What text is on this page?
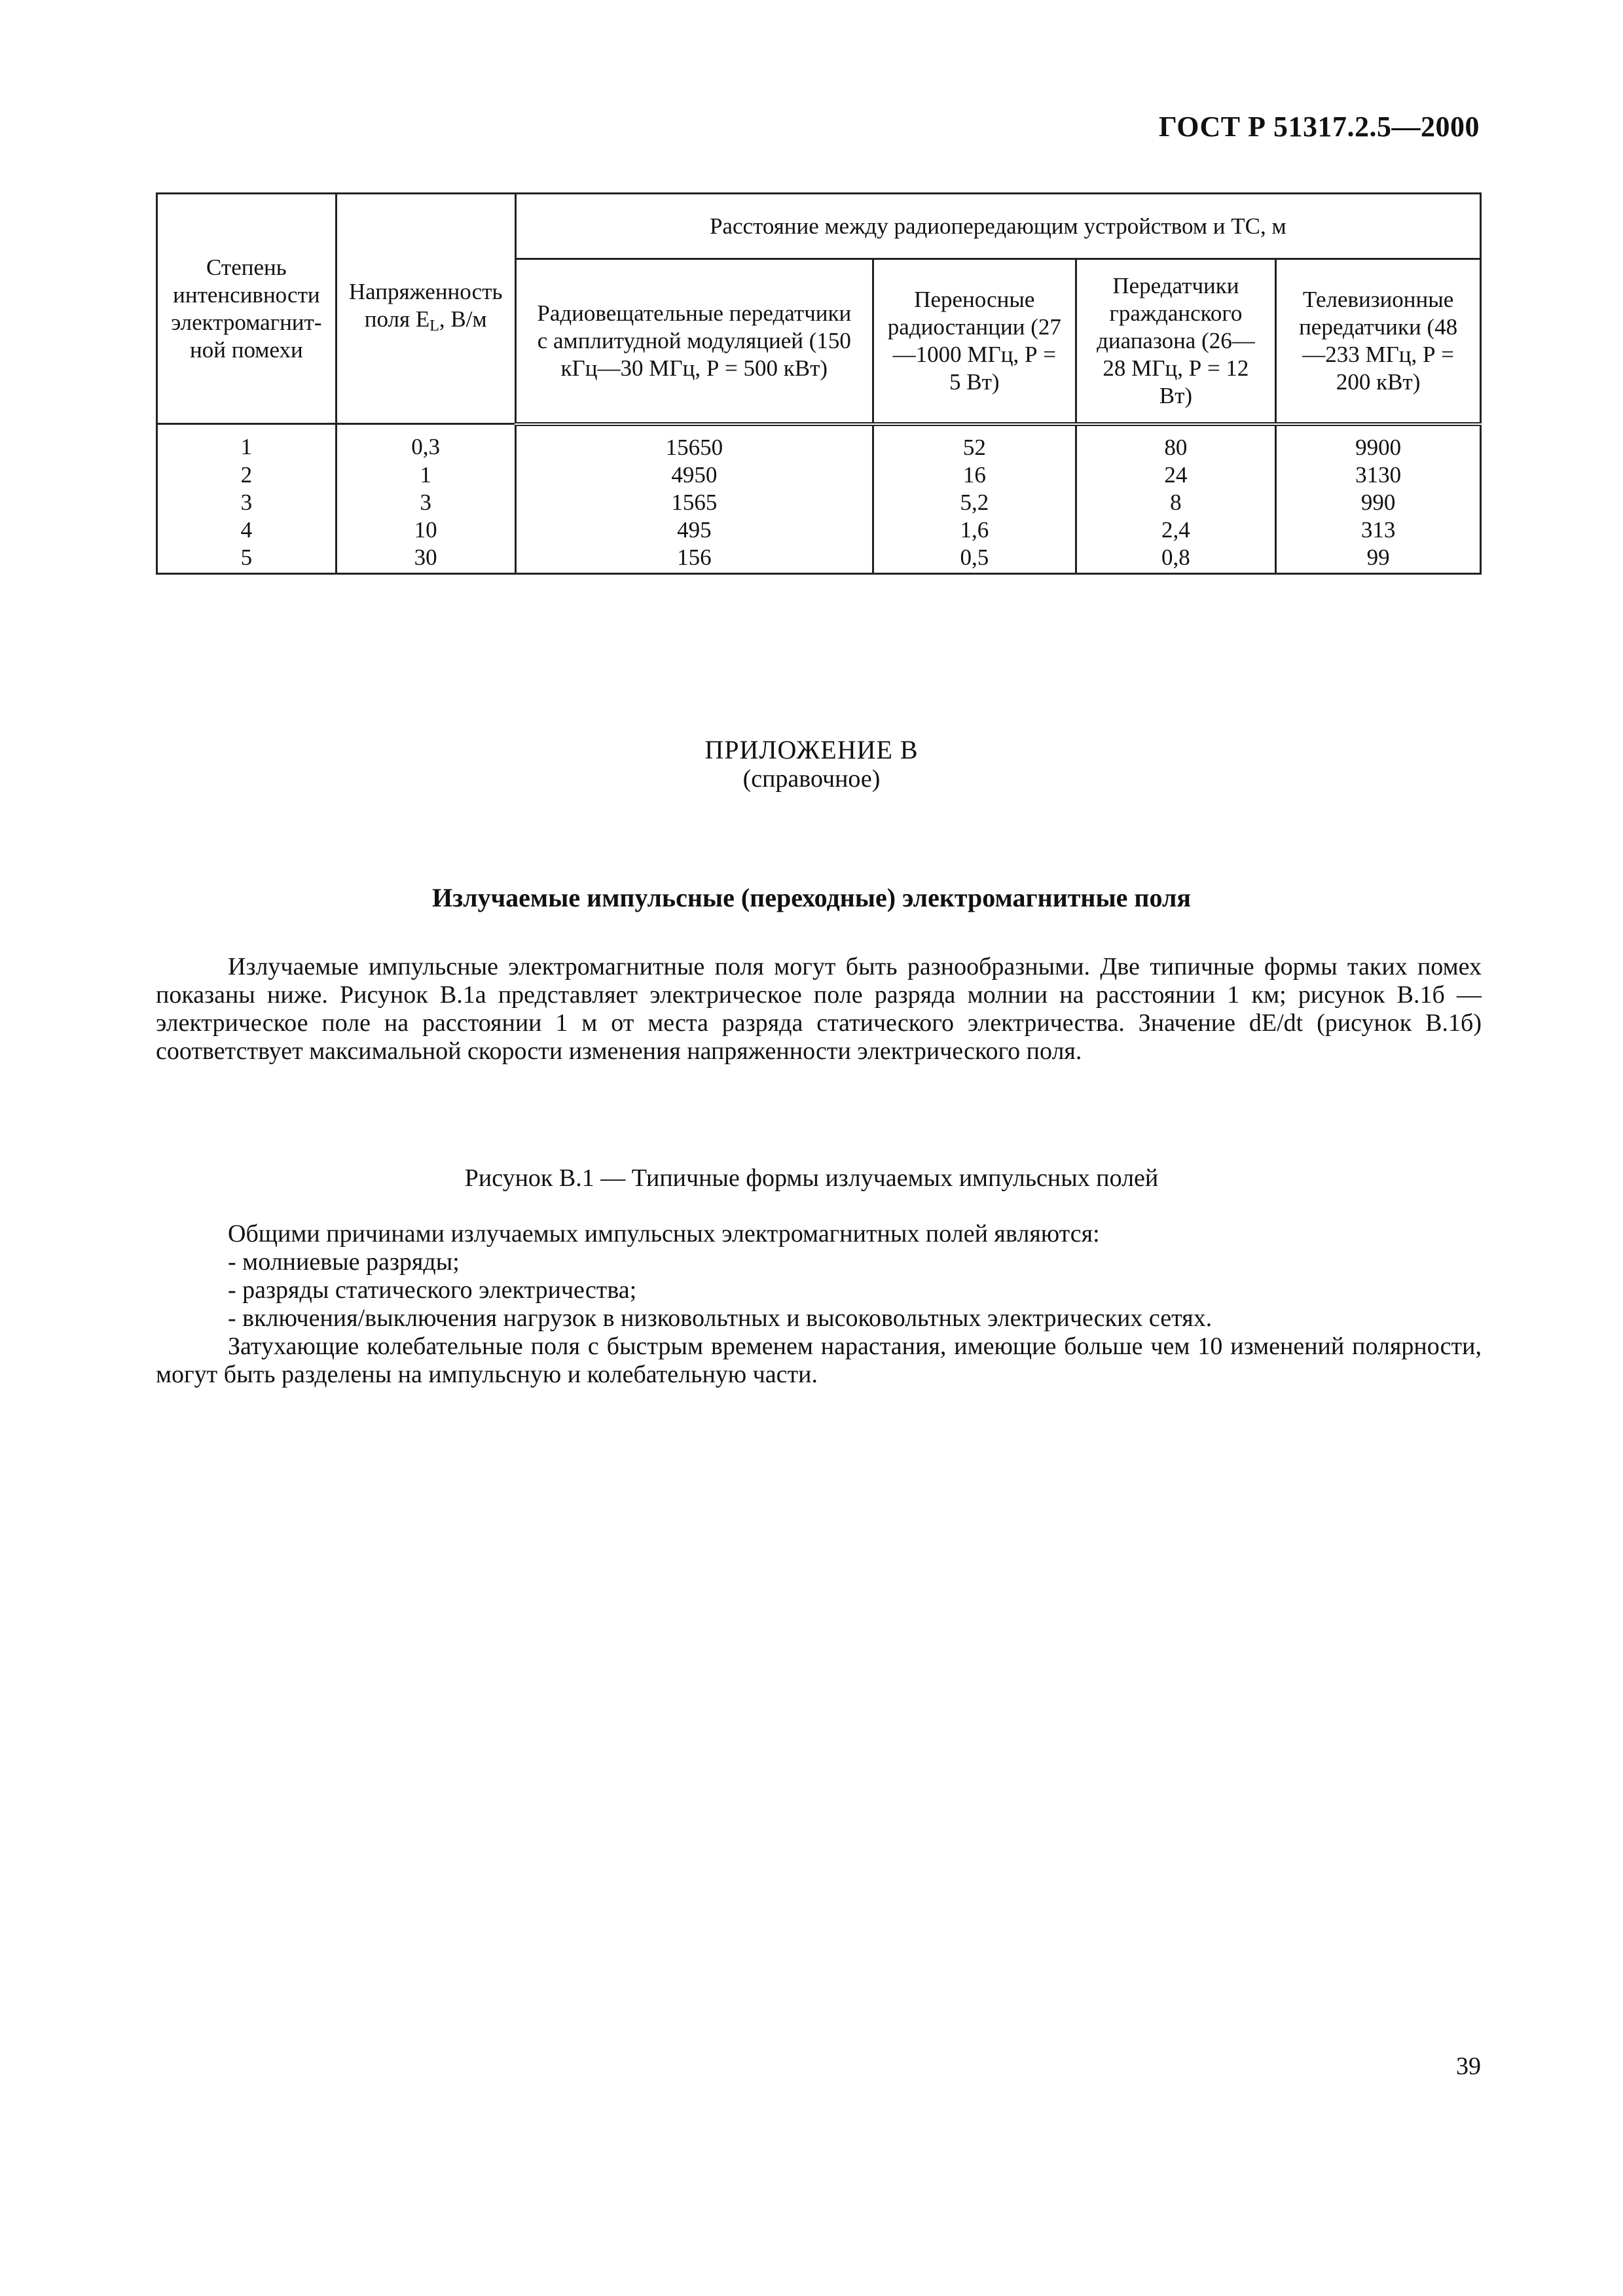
ГОСТ Р 51317.2.5—2000
Степень интенсивности электромагнит- ной помехи	Напряженность поля EL, В/м	Расстояние между радиопередающим устройством и ТС, м			
		Радиовещательные передатчики с амплитудной модуляцией (150 кГц—30 МГц, Р = 500 кВт)	Переносные радиостанции (27—1000 МГц, Р = 5 Вт)	Передатчики гражданского диапазона (26— 28 МГц, Р = 12 Вт)	Телевизионные передатчики (48—233 МГц, Р = 200 кВт)
1	0,3	15650	52	80	9900
2	1	4950	16	24	3130
3	3	1565	5,2	8	990
4	10	495	1,6	2,4	313
5	30	156	0,5	0,8	99
ПРИЛОЖЕНИЕ В
(справочное)
Излучаемые импульсные (переходные) электромагнитные поля
Излучаемые импульсные электромагнитные поля могут быть разнообразными. Две типичные формы таких помех показаны ниже. Рисунок В.1а представляет электрическое поле разряда молнии на расстоянии 1 км; рисунок В.1б — электрическое поле на расстоянии 1 м от места разряда статического электричества. Значение dE/dt (рисунок В.1б) соответствует максимальной скорости изменения напряженности электрического поля.
Рисунок В.1 — Типичные формы излучаемых импульсных полей
Общими причинами излучаемых импульсных электромагнитных полей являются:
- молниевые разряды;
- разряды статического электричества;
- включения/выключения нагрузок в низковольтных и высоковольтных электрических сетях.
Затухающие колебательные поля с быстрым временем нарастания, имеющие больше чем 10 изменений полярности, могут быть разделены на импульсную и колебательную части.
39
